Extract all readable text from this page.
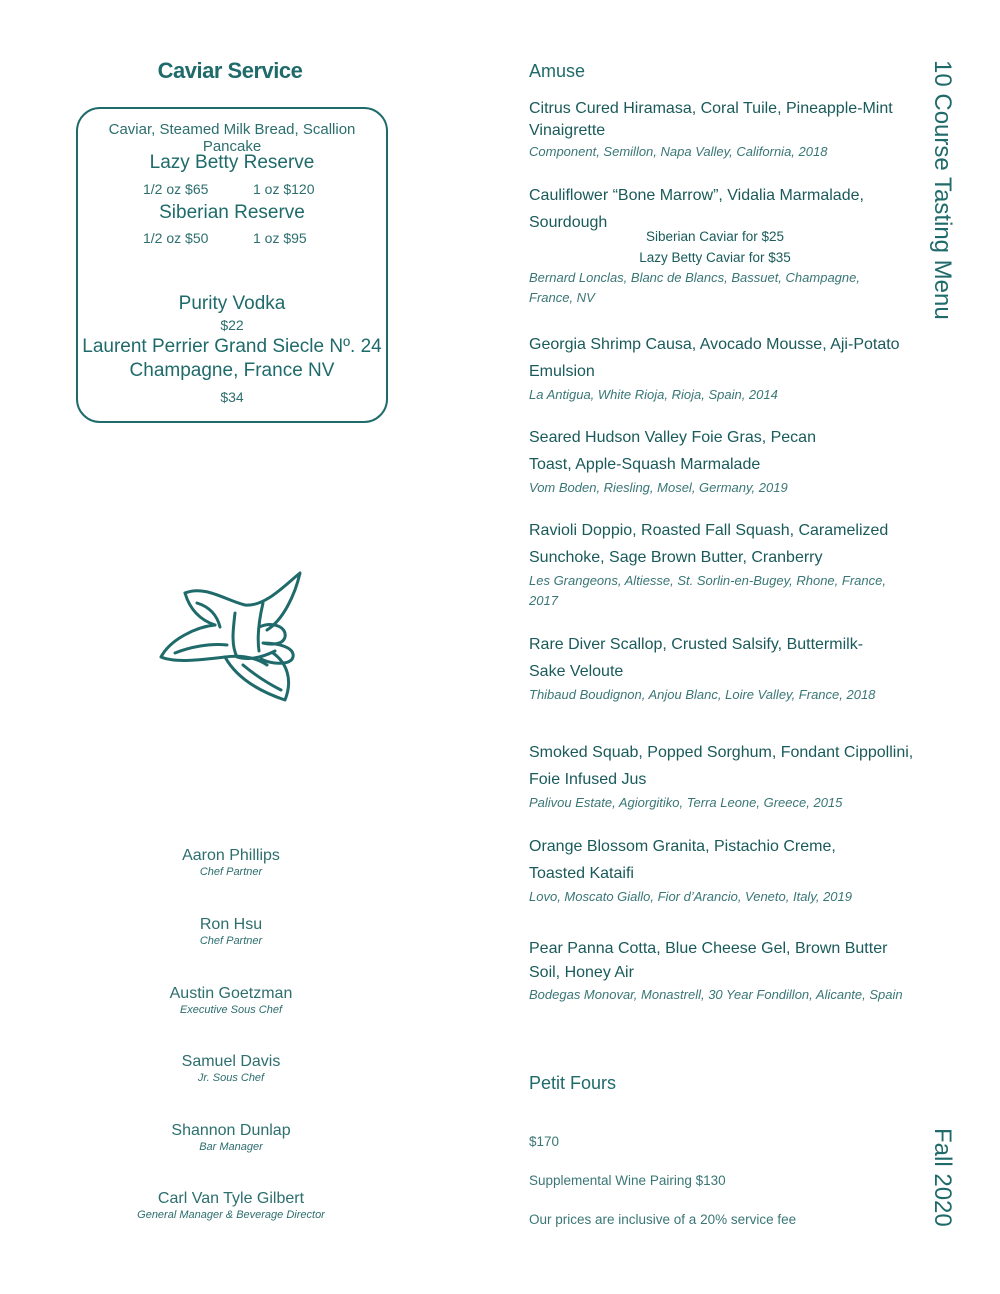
Caviar Service
Caviar, Steamed Milk Bread, Scallion Pancake
Lazy Betty Reserve
1/2 oz $65	1 oz $120
Siberian Reserve
1/2 oz $50	1 oz $95
Purity Vodka
$22
Laurent Perrier Grand Siecle Nº. 24
Champagne, France NV
$34
Aaron Phillips
Chef Partner
Ron Hsu
Chef Partner
Austin Goetzman
Executive Sous Chef
Samuel Davis
Jr. Sous Chef
Shannon Dunlap
Bar Manager
Carl Van Tyle Gilbert
General Manager & Beverage Director
Amuse
Citrus Cured Hiramasa, Coral Tuile, Pineapple-Mint Vinaigrette
Component, Semillon, Napa Valley, California, 2018
Cauliflower “Bone Marrow”, Vidalia Marmalade, Sourdough
Siberian Caviar for $25
Lazy Betty Caviar for $35
Bernard Lonclas, Blanc de Blancs, Bassuet, Champagne, France, NV
Georgia Shrimp Causa, Avocado Mousse, Aji-Potato Emulsion
La Antigua, White Rioja, Rioja, Spain, 2014
Seared Hudson Valley Foie Gras, Pecan Toast, Apple-Squash Marmalade
Vom Boden, Riesling, Mosel, Germany, 2019
Ravioli Doppio, Roasted Fall Squash, Caramelized Sunchoke, Sage Brown Butter, Cranberry
Les Grangeons, Altiesse, St. Sorlin-en-Bugey, Rhone, France, 2017
Rare Diver Scallop, Crusted Salsify, Buttermilk-Sake Veloute
Thibaud Boudignon, Anjou Blanc, Loire Valley, France, 2018
Smoked Squab, Popped Sorghum, Fondant Cippollini, Foie Infused Jus
Palivou Estate, Agiorgitiko, Terra Leone, Greece, 2015
Orange Blossom Granita, Pistachio Creme, Toasted Kataifi
Lovo, Moscato Giallo, Fior d’Arancio, Veneto, Italy, 2019
Pear Panna Cotta, Blue Cheese Gel, Brown Butter Soil, Honey Air
Bodegas Monovar, Monastrell, 30 Year Fondillon, Alicante, Spain
Petit Fours
$170
Supplemental Wine Pairing $130
Our prices are inclusive of a 20% service fee
10 Course Tasting Menu
Fall 2020
